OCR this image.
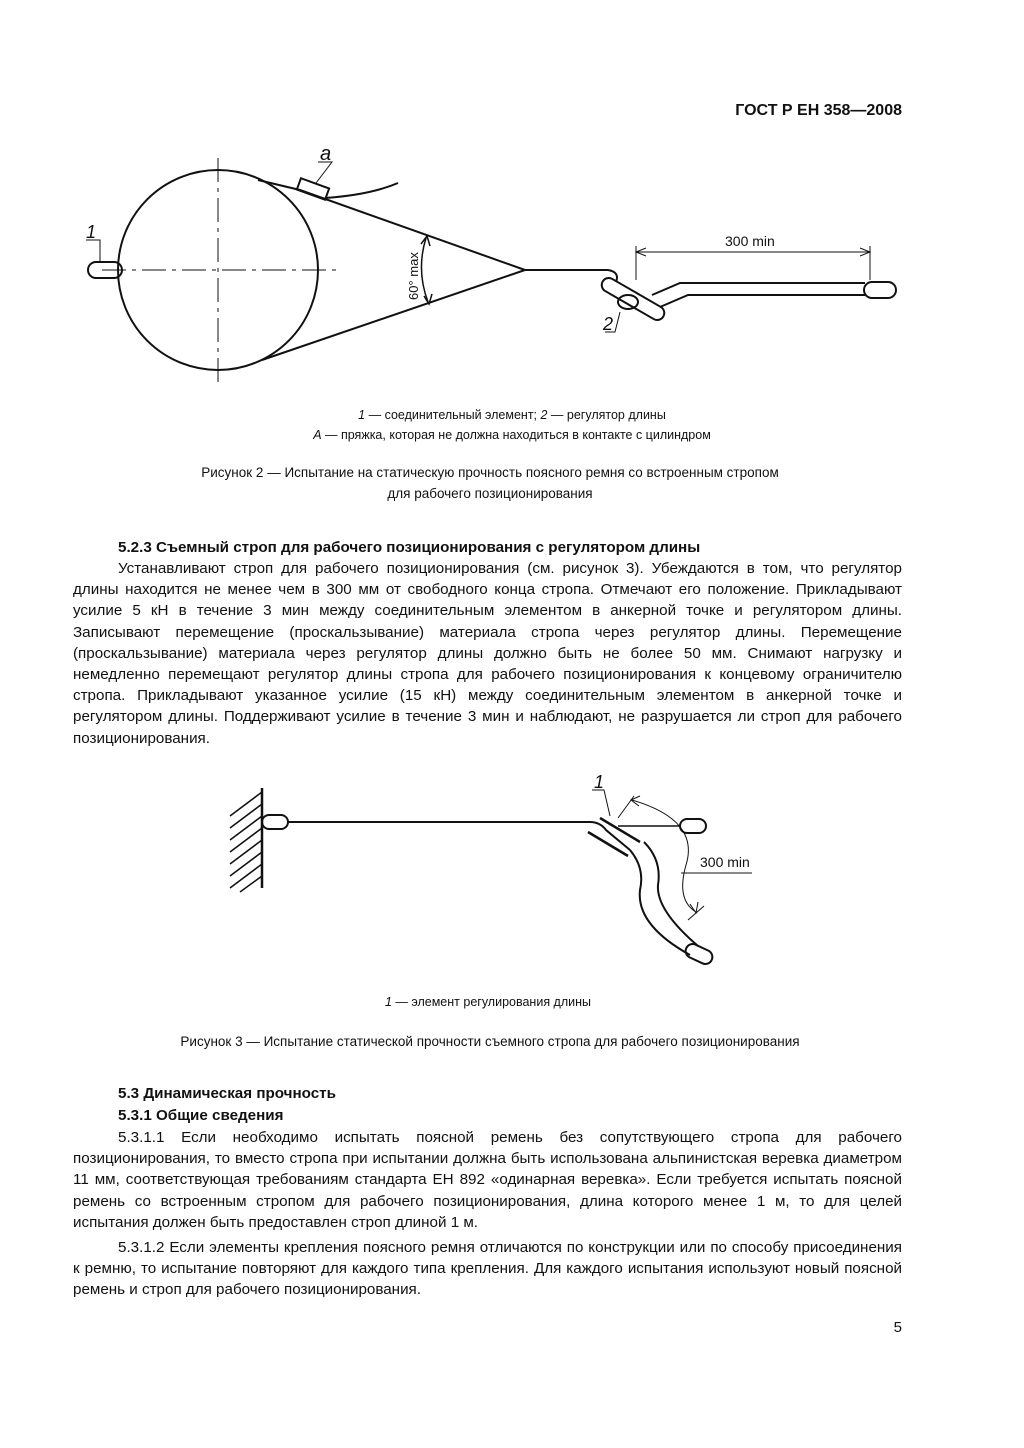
ГОСТ Р ЕН 358—2008
1
2
a
300 min
60° max
1 — соединительный элемент; 2 — регулятор длины
A — пряжка, которая не должна находиться в контакте с цилиндром
Рисунок 2 — Испытание на статическую прочность поясного ремня со встроенным стропом
для рабочего позиционирования
5.2.3 Съемный строп для рабочего позиционирования с регулятором длины

Устанавливают строп для рабочего позиционирования (см. рисунок 3). Убеждаются в том, что регулятор длины находится не менее чем в 300 мм от свободного конца стропа. Отмечают его положение. Прикладывают усилие 5 кН в течение 3 мин между соединительным элементом в анкерной точке и регулятором длины. Записывают перемещение (проскальзывание) материала стропа через регулятор длины. Перемещение (проскальзывание) материала через регулятор длины должно быть не более 50 мм. Снимают нагрузку и немедленно перемещают регулятор длины стропа для рабочего позиционирования к концевому ограничителю стропа. Прикладывают указанное усилие (15 кН) между соединительным элементом в анкерной точке и регулятором длины. Поддерживают усилие в течение 3 мин и наблюдают, не разрушается ли строп для рабочего позиционирования.

1
300 min
1 — элемент регулирования длины
Рисунок 3 — Испытание статической прочности съемного стропа для рабочего позиционирования
5.3 Динамическая прочность
5.3.1 Общие сведения

5.3.1.1 Если необходимо испытать поясной ремень без сопутствующего стропа для рабочего позиционирования, то вместо стропа при испытании должна быть использована альпинистская веревка диаметром 11 мм, соответствующая требованиям стандарта ЕН 892 «одинарная веревка». Если требуется испытать поясной ремень со встроенным стропом для рабочего позиционирования, длина которого менее 1 м, то для целей испытания должен быть предоставлен строп длиной 1 м.

5.3.1.2 Если элементы крепления поясного ремня отличаются по конструкции или по способу присоединения к ремню, то испытание повторяют для каждого типа крепления. Для каждого испытания используют новый поясной ремень и строп для рабочего позиционирования.

5
